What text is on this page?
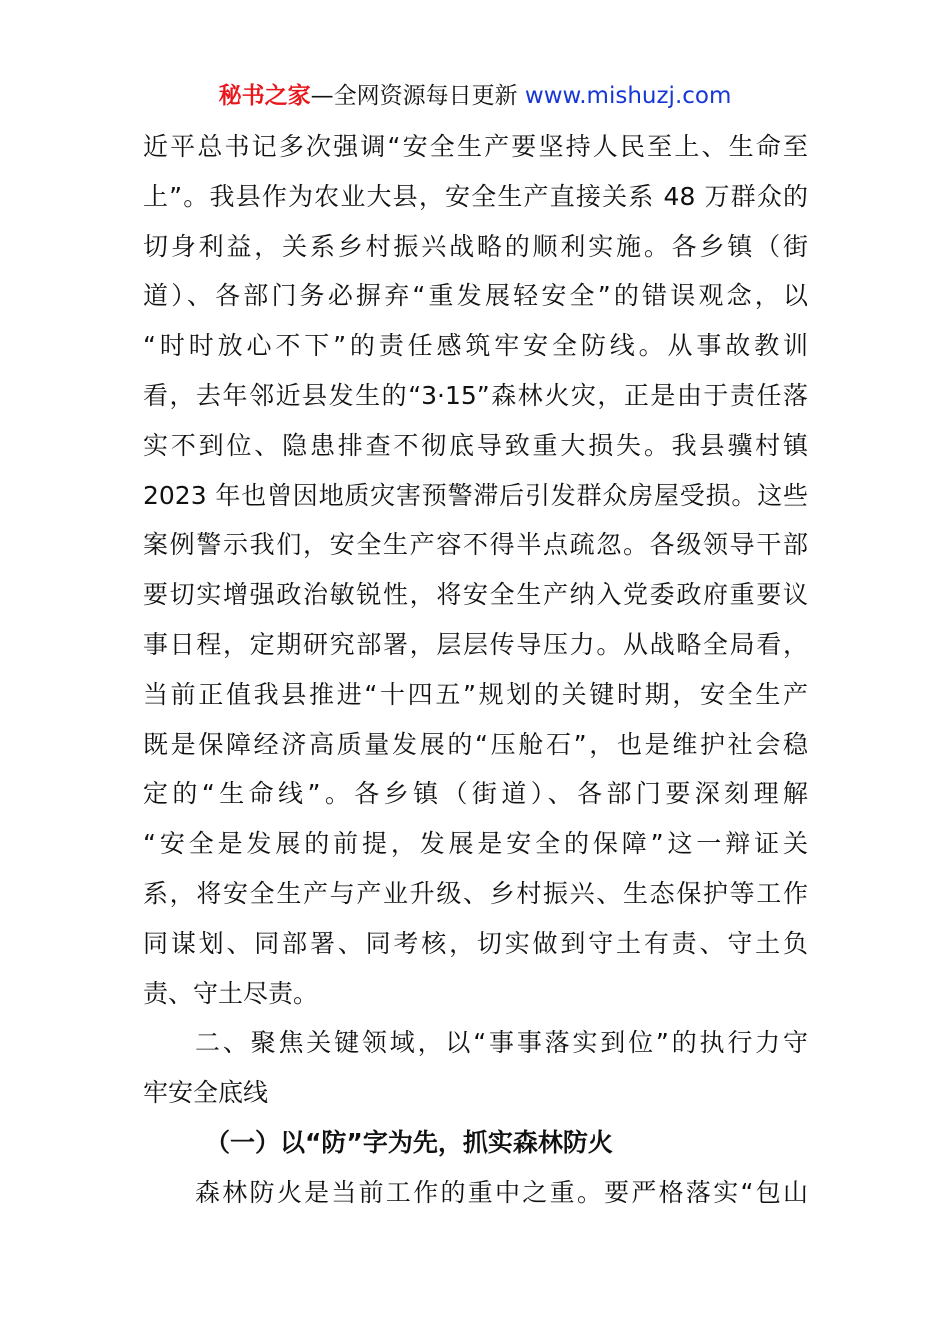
秘书之家—全网资源每日更新 www.mishuzj.com
近平总书记多次强调“安全生产要坚持人民至上、生命至
上”。我县作为农业大县，安全生产直接关系 48 万群众的
切身利益，关系乡村振兴战略的顺利实施。各乡镇（街
道）、各部门务必摒弃“重发展轻安全”的错误观念，以
“时时放心不下”的责任感筑牢安全防线。从事故教训
看，去年邻近县发生的“3·15”森林火灾，正是由于责任落
实不到位、隐患排查不彻底导致重大损失。我县骥村镇
2023 年也曾因地质灾害预警滞后引发群众房屋受损。这些
案例警示我们，安全生产容不得半点疏忽。各级领导干部
要切实增强政治敏锐性，将安全生产纳入党委政府重要议
事日程，定期研究部署，层层传导压力。从战略全局看，
当前正值我县推进“十四五”规划的关键时期，安全生产
既是保障经济高质量发展的“压舱石”，也是维护社会稳
定的“生命线”。各乡镇（街道）、各部门要深刻理解
“安全是发展的前提，发展是安全的保障”这一辩证关
系，将安全生产与产业升级、乡村振兴、生态保护等工作
同谋划、同部署、同考核，切实做到守土有责、守土负
责、守土尽责。
二、聚焦关键领域，以“事事落实到位”的执行力守
牢安全底线
（一）以“防”字为先，抓实森林防火
森林防火是当前工作的重中之重。要严格落实“包山
